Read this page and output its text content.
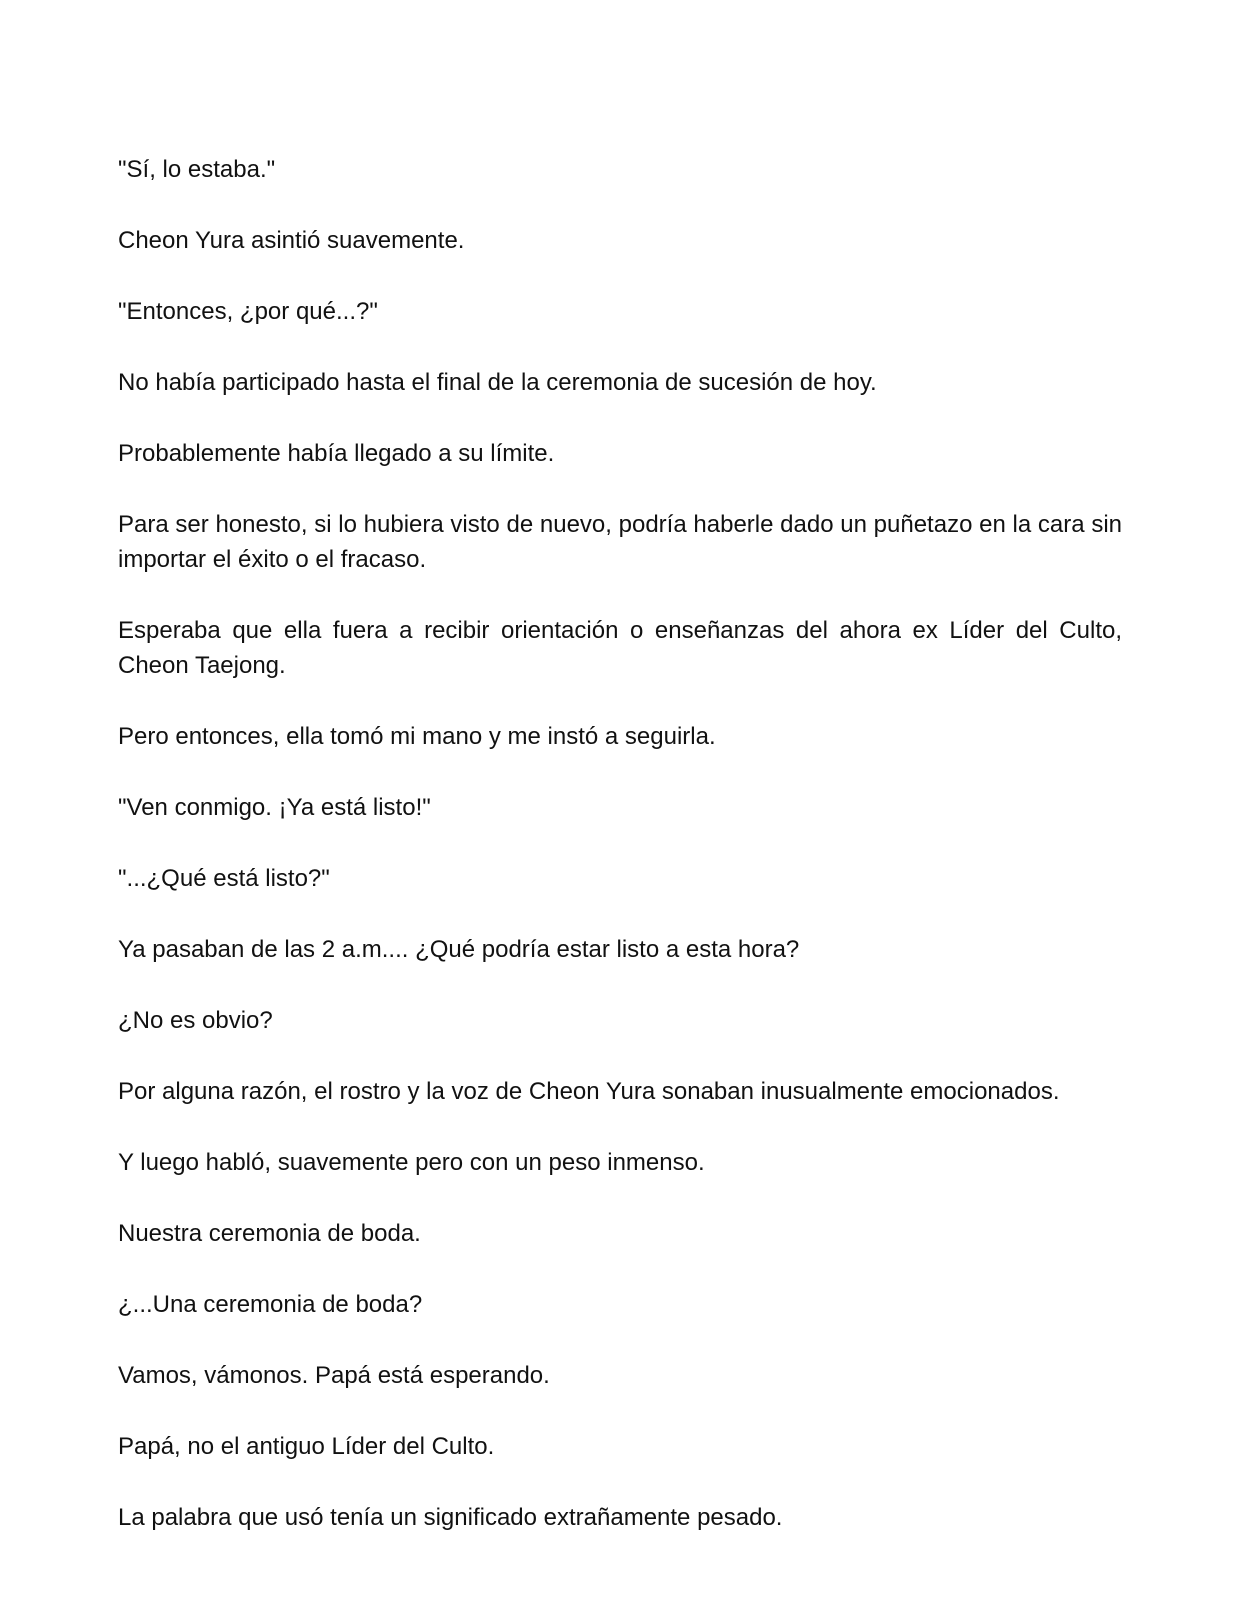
"Sí, lo estaba."

Cheon Yura asintió suavemente.

"Entonces, ¿por qué...?"

No había participado hasta el final de la ceremonia de sucesión de hoy.

Probablemente había llegado a su límite.

Para ser honesto, si lo hubiera visto de nuevo, podría haberle dado un puñetazo en la cara sin importar el éxito o el fracaso.

Esperaba que ella fuera a recibir orientación o enseñanzas del ahora ex Líder del Culto, Cheon Taejong.

Pero entonces, ella tomó mi mano y me instó a seguirla.

"Ven conmigo. ¡Ya está listo!"

"...¿Qué está listo?"

Ya pasaban de las 2 a.m.... ¿Qué podría estar listo a esta hora?

¿No es obvio?

Por alguna razón, el rostro y la voz de Cheon Yura sonaban inusualmente emocionados.

Y luego habló, suavemente pero con un peso inmenso.

Nuestra ceremonia de boda.

¿...Una ceremonia de boda?

Vamos, vámonos. Papá está esperando.

Papá, no el antiguo Líder del Culto.

La palabra que usó tenía un significado extrañamente pesado.
